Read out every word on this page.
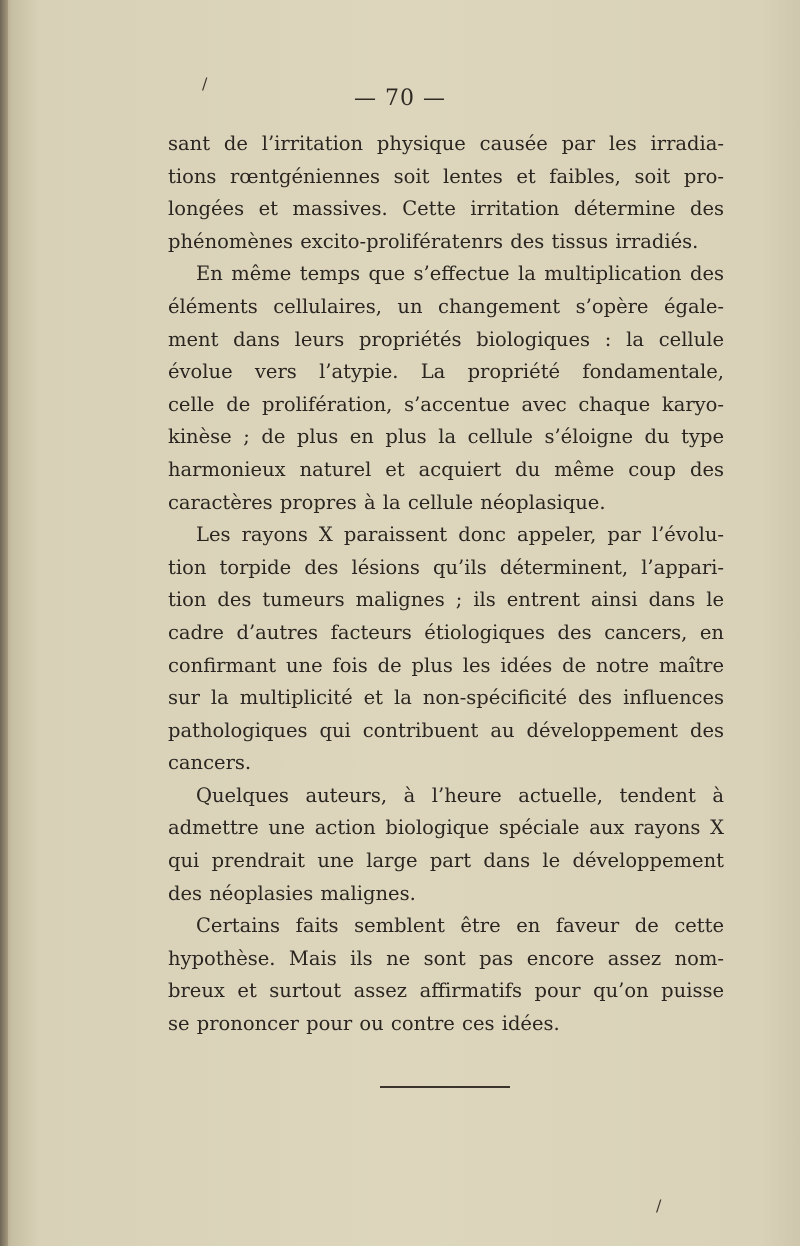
/
— 70 —
sant de l’irritation physique causée par les irradia-
tions rœntgéniennes soit lentes et faibles, soit pro-
longées et massives. Cette irritation détermine des
phénomènes excito-prolifératenrs des tissus irradiés.
En même temps que s’effectue la multiplication des
éléments cellulaires, un changement s’opère égale-
ment dans leurs propriétés biologiques : la cellule
évolue vers l’atypie. La propriété fondamentale,
celle de prolifération, s’accentue avec chaque karyo-
kinèse ; de plus en plus la cellule s’éloigne du type
harmonieux naturel et acquiert du même coup des
caractères propres à la cellule néoplasique.
Les rayons X paraissent donc appeler, par l’évolu-
tion torpide des lésions qu’ils déterminent, l’appari-
tion des tumeurs malignes ; ils entrent ainsi dans le
cadre d’autres facteurs étiologiques des cancers, en
confirmant une fois de plus les idées de notre maître
sur la multiplicité et la non-spécificité des influences
pathologiques qui contribuent au développement des
cancers.
Quelques auteurs, à l’heure actuelle, tendent à
admettre une action biologique spéciale aux rayons X
qui prendrait une large part dans le développement
des néoplasies malignes.
Certains faits semblent être en faveur de cette
hypothèse. Mais ils ne sont pas encore assez nom-
breux et surtout assez affirmatifs pour qu’on puisse
se prononcer pour ou contre ces idées.
/
